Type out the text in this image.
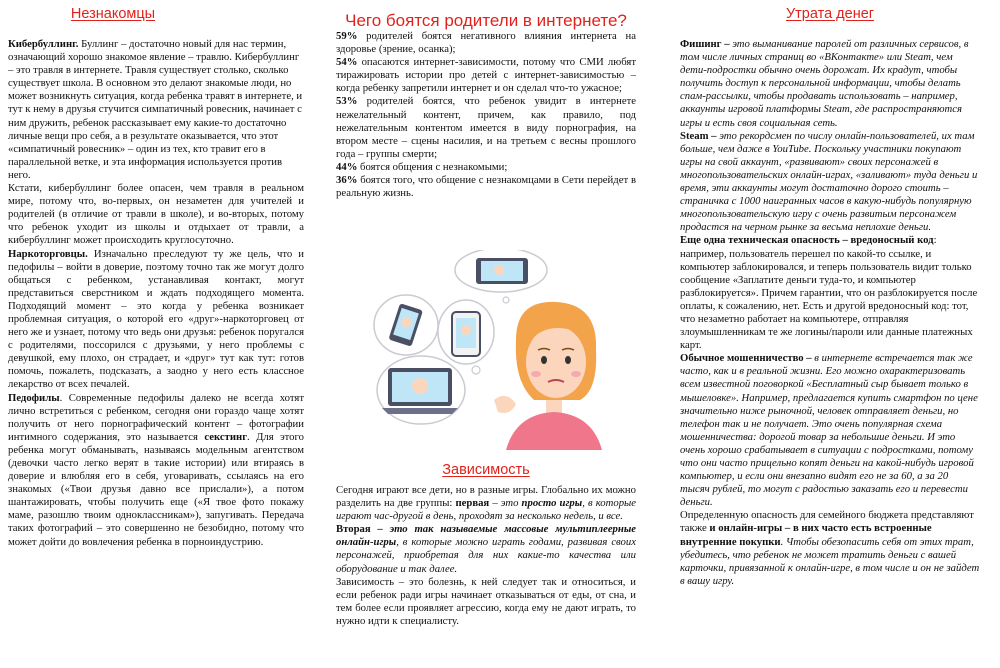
Незнакомцы

Кибербуллинг. Буллинг – достаточно новый для нас термин, означающий хорошо знакомое явление – травлю. Кибербуллинг – это травля в интернете. Травля существует столько, сколько существует школа. В основном это делают знакомые люди, но может возникнуть ситуация, когда ребенка травят в интернете, и тут к нему в друзья стучится симпатичный ровесник, начинает с ним дружить, ребенок рассказывает ему какие-то достаточно личные вещи про себя, а в результате оказывается, что этот «симпатичный ровесник» – один из тех, кто травит его в параллельной ветке, и эта информация используется против него.

Кстати, кибербуллинг более опасен, чем травля в реальном мире, потому что, во-первых, он незаметен для учителей и родителей (в отличие от травли в школе), и во-вторых, потому что ребенок уходит из школы и отдыхает от травли, а кибербуллинг может происходить круглосуточно.

Наркоторговцы. Изначально преследуют ту же цель, что и педофилы – войти в доверие, поэтому точно так же могут долго общаться с ребенком, устанавливая контакт, могут представиться сверстником и ждать подходящего момента. Подходящий момент – это когда у ребенка возникает проблемная ситуация, о которой его «друг»-наркоторговец от него же и узнает, потому что ведь они друзья: ребенок поругался с родителями, поссорился с друзьями, у него проблемы с девушкой, ему плохо, он страдает, и «друг» тут как тут: готов помочь, пожалеть, подсказать, а заодно у него есть классное лекарство от всех печалей.

Педофилы. Современные педофилы далеко не всегда хотят лично встретиться с ребенком, сегодня они гораздо чаще хотят получить от него порнографический контент – фотографии интимного содержания, это называется секстинг. Для этого ребенка могут обманывать, называясь модельным агентством (девочки часто легко верят в такие истории) или втираясь в доверие и влюбляя его в себя, уговаривать, ссылаясь на его знакомых («Твои друзья давно все прислали»), а потом шантажировать, чтобы получить еще («Я твое фото покажу маме, разошлю твоим одноклассникам»), запугивать. Передача таких фотографий – это совершенно не безобидно, потому что может дойти до вовлечения ребенка в порноиндустрию.

Чего боятся родители в интернете?

59% родителей боятся негативного влияния интернета на здоровье (зрение, осанка);

54% опасаются интернет-зависимости, потому что СМИ любят тиражировать истории про детей с интернет-зависимостью – когда ребенку запретили интернет и он сделал что-то ужасное;

53% родителей боятся, что ребенок увидит в интернете нежелательный контент, причем, как правило, под нежелательным контентом имеется в виду порнография, на втором месте – сцены насилия, и на третьем с весны прошлого года – группы смерти;

44% боятся общения с незнакомыми;

36% боятся того, что общение с незнакомцами в Сети перейдет в реальную жизнь.

Зависимость

Сегодня играют все дети, но в разные игры. Глобально их можно разделить на две группы: первая – это просто игры, в которые играют час-другой в день, проходят за несколько недель, и все.

Вторая – это так называемые массовые мультиплеерные онлайн-игры, в которые можно играть годами, развивая своих персонажей, приобретая для них какие-то качества или оборудование и так далее.

Зависимость – это болезнь, к ней следует так и относиться, и если ребенок ради игры начинает отказываться от еды, от сна, и тем более если проявляет агрессию, когда ему не дают играть, то нужно идти к специалисту.

Утрата денег

Фишинг – это выманивание паролей от различных сервисов, в том числе личных страниц во «ВКонтакте» или Steam, чем дети-подростки обычно очень дорожат. Их крадут, чтобы получить доступ к персональной информации, чтобы делать спам-рассылки, чтобы продавать использовать – например, аккаунты игровой платформы Steam, где распространяются игры и есть своя социальная сеть.

Steam – это рекордсмен по числу онлайн-пользователей, их там больше, чем даже в YouTube. Поскольку участники покупают игры на свой аккаунт, «развивают» своих персонажей в многопользовательских онлайн-играх, «заливают» туда деньги и время, эти аккаунты могут достаточно дорого стоить – страничка с 1000 наигранных часов в какую-нибудь популярную многопользовательскую игру с очень развитым персонажем продастся на черном рынке за весьма неплохие деньги.

Еще одна техническая опасность – вредоносный код: например, пользователь перешел по какой-то ссылке, и компьютер заблокировался, и теперь пользователь видит только сообщение «Заплатите деньги туда-то, и компьютер разблокируется». Причем гарантии, что он разблокируется после оплаты, к сожалению, нет. Есть и другой вредоносный код: тот, что незаметно работает на компьютере, отправляя злоумышленникам те же логины/пароли или данные платежных карт.

Обычное мошенничество – в интернете встречается так же часто, как и в реальной жизни. Его можно охарактеризовать всем известной поговоркой «Бесплатный сыр бывает только в мышеловке». Например, предлагается купить смартфон по цене значительно ниже рыночной, человек отправляет деньги, но телефон так и не получает. Это очень популярная схема мошенничества: дорогой товар за небольшие деньги. И это очень хорошо срабатывает в ситуации с подростками, потому что они часто прицельно копят деньги на какой-нибудь игровой компьютер, и если они внезапно видят его не за 60, а за 20 тысяч рублей, то могут с радостью заказать его и перевести деньги.

Определенную опасность для семейного бюджета представляют также и онлайн-игры – в них часто есть встроенные внутренние покупки. Чтобы обезопасить себя от этих трат, убедитесь, что ребенок не может тратить деньги с вашей карточки, привязанной к онлайн-игре, в том числе и он не зайдет в вашу игру.
